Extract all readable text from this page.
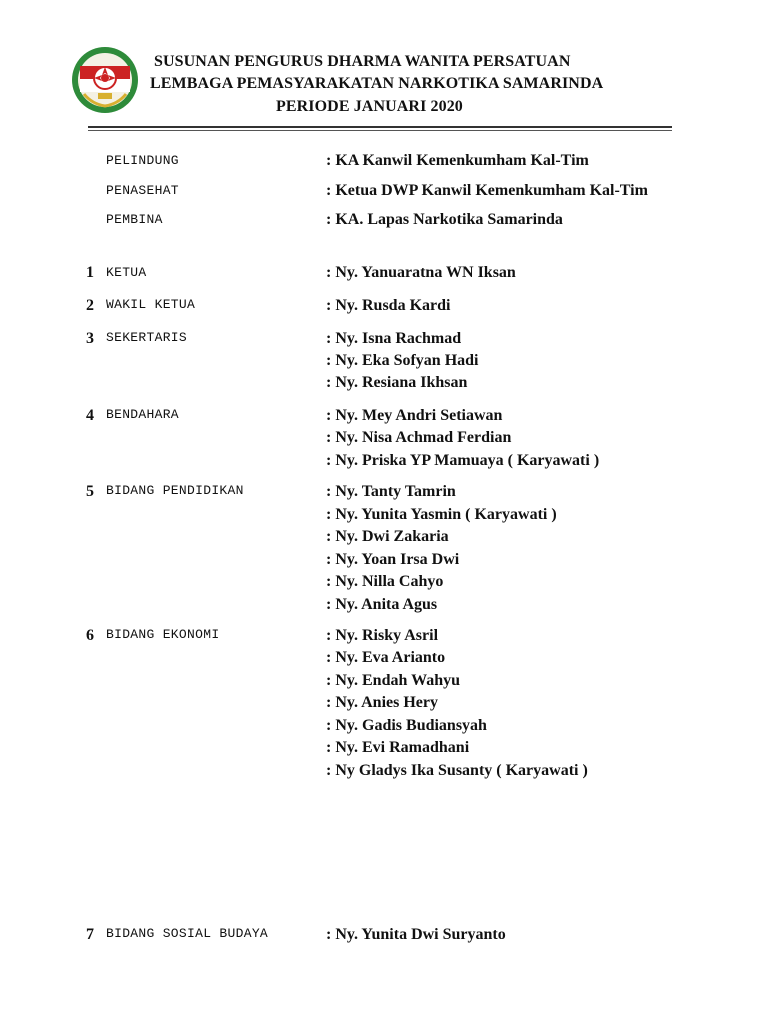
SUSUNAN PENGURUS DHARMA WANITA PERSATUAN
LEMBAGA PEMASYARAKATAN NARKOTIKA SAMARINDA
PERIODE JANUARI 2020
PELINDUNG	: KA Kanwil Kemenkumham Kal-Tim
PENASEHAT	: Ketua DWP Kanwil Kemenkumham Kal-Tim
PEMBINA	: KA. Lapas Narkotika Samarinda
1 KETUA	: Ny. Yanuaratna WN Iksan
2 WAKIL KETUA	: Ny. Rusda Kardi
3 SEKERTARIS	: Ny. Isna Rachmad
: Ny. Eka Sofyan Hadi
: Ny. Resiana Ikhsan
4 BENDAHARA	: Ny. Mey Andri Setiawan
: Ny. Nisa Achmad Ferdian
: Ny. Priska YP Mamuaya ( Karyawati )
5 BIDANG PENDIDIKAN	: Ny. Tanty Tamrin
: Ny. Yunita Yasmin ( Karyawati )
: Ny. Dwi Zakaria
: Ny. Yoan Irsa Dwi
: Ny. Nilla Cahyo
: Ny. Anita Agus
6 BIDANG EKONOMI	: Ny. Risky Asril
: Ny. Eva Arianto
: Ny. Endah Wahyu
: Ny. Anies Hery
: Ny. Gadis Budiansyah
: Ny. Evi Ramadhani
: Ny Gladys Ika Susanty ( Karyawati )
7 BIDANG SOSIAL BUDAYA	: Ny. Yunita Dwi Suryanto
